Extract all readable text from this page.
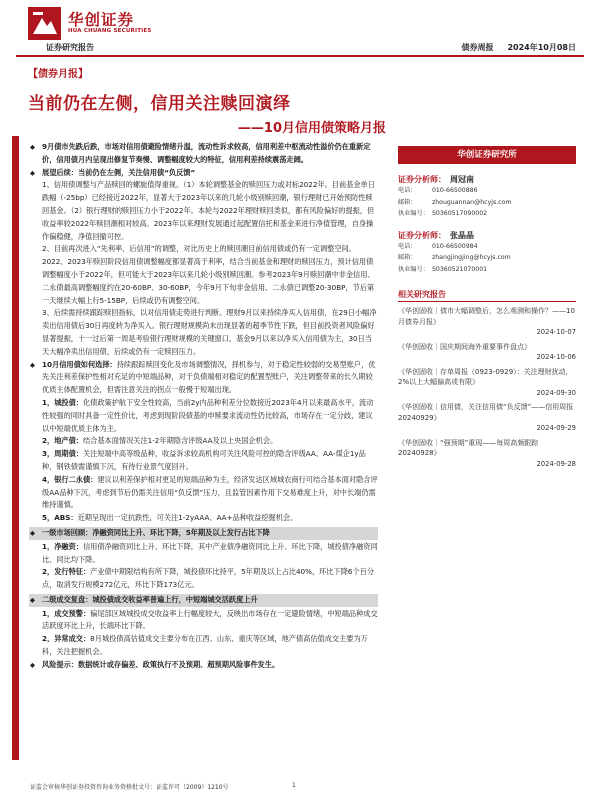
华创证券
HUA CHUANG SECURITIES
证券研究报告	债券周报 2024年10月08日
【债券月报】
当前仍在左侧，信用关注赎回演绎
——10月信用债策略月报

◆ 9月债市先跌后跌，市场对信用债避险情绪升温，流动性诉求较高，信用利差中枢流动性溢价仍在重新定价，信用债月内呈现出修复节奏慢、调整幅度较大的特征，信用利差持续震荡走阔。

◆ 展望后续：当前仍在左侧，关注信用债“负反馈”

1、信用债调整与产品赎回的螺旋值得重视。（1）本轮调整基金的赎回压力或对标2022年。目前基金单日跌幅（-25bp）已经接近2022年，显著大于2023年以来的几轮小级别赎回潮，银行理财已开始预防性赎回基金。（2）银行理财的赎回压力小于2022年。本轮与2022年理财赎回类似，都有风险偏好的提振，但收益率较2022年赎回潮相对较高。2023年以来理财发展通过起配置信托和基金来进行净值管理，自身操作偏稳健，净值回撤可控。

2、目前再次进入“先利率、后信用”的调整，对比历史上的赎回潮目前信用债或仍有一定调整空间。2022、2023年赎回阶段信用债调整幅度都显著高于利率，结合当前基金和理财的赎回压力，预计信用债调整幅度小于2022年，但可能大于2023年以来几轮小级别赎回潮。参考2023年9月赎回潮中非金信用、二永债最高调整幅度约在20-60BP、30-60BP，今年9月下旬非金信用、二永债已调整20-30BP，节后第一天继续大幅上行5-15BP，后续或仍有调整空间。

3、后续需持续跟踪赎回指标，以对信用债走势进行判断。理财9月以来持续净买入信用债，在29日小幅净卖出信用债后30日再度转为净买入。银行理财规模尚未出现显著的超季节性下跌，但目前投资者风险偏好显著提振，十一过后第一周是考验银行理财规模的关键窗口，基金9月以来以净买入信用债为主，30日当天大幅净卖出信用债，后续或仍有一定赎回压力。

◆ 10月信用债如何选择：持续跟踪赎回变化及市场调整情况，择机参与，对于稳定性较弱的交易型账户，优先关注利差保护性相对充足的中短端品种，对于负债端相对稳定的配置型账户，关注调整带来的长久期较优质主体配置机会，但需注意关注的拐点一般慢于短端出现。

1，城投债：化债政策护航下安全性较高，当前2y内品种利差分位数接近2023年4月以来最高水平，流动性较强的同时具备一定性价比，考虑到现阶段债基的申赎要求流动性仍比较高，市场存在一定分歧，建议以中短端优质主体为主。

2，地产债：结合基本面情况关注1-2年期隐含评级AA及以上央国企机会。

3，周期债：关注短端中高等级品种，收益诉求较高机构可关注风险可控的隐含评级AA、AA-煤企1y品种，钢铁债需谨慎下沉，有待行业景气度回升。

4，银行二永债：建议以利差保护相对更足的短端品种为主，经济发达区域城农商行可结合基本面对隐含评级AA品种下沉，考虑到节后仍需关注信用“负反馈”压力，且监管因素作用下交易难度上升，对中长端仍需维持谨慎。

5，ABS：近期呈现出一定抗跌性，可关注1-2yAAA、AA+品种收益挖掘机会。

◆ 一级市场回顾：净融资同比上升、环比下降，5年期及以上发行占比下降

1，净融资：信用债净融资同比上升、环比下降，其中产业债净融资同比上升、环比下降，城投债净融资同比、同比均下降。

2，发行特征：产业债中期限结构有所下降，城投债环比持平，5年期及以上占比40%，环比下降6个百分点，取消发行规模272亿元，环比下降173亿元。

◆ 二级成交复盘：城投债成交收益率普遍上行，中短端城交活跃度上升

1，成交预警：偏尾部区域城投成交收益率上行幅度较大，反映出市场存在一定避险情绪，中短端品种成交活跃度环比上升，长端环比下降。

2，异常成交：8月城投债高估值成交主要分布在江西、山东、重庆等区域，地产债高估值成交主要为万科，关注把握机会。

◆ 风险提示：数据统计或存偏差、政策执行不及预期、超预期风险事件发生。

华创证券研究所
证券分析师： 周冠南
电话： 010-66500886
邮箱： zhouguannan@hcyjs.com
执业编号： S0360517090002
证券分析师： 张晶晶
电话： 010-66500984
邮箱： zhangjingjing@hcyjs.com
执业编号： S0360521070001
相关研究报告
《华创固收｜债市大幅调整后，怎么观测和操作？——10月债券月报》
2024-10-07
《华创固收｜国庆期间海外重要事件盘点》
2024-10-06
《华创固收｜存单周报（0923-0929）：关注理财扰动，2%以上大幅偏高或有限》
2024-09-30
《华创固收｜信用债，关注信用债“负反馈”——信用周报20240929》
2024-09-29
《华创固收｜“强预期”重现——每周高频跟踪20240928》
2024-09-28
证监会审核华创证券投资咨询业务资格批文号：证监许可（2009）1210号	1
